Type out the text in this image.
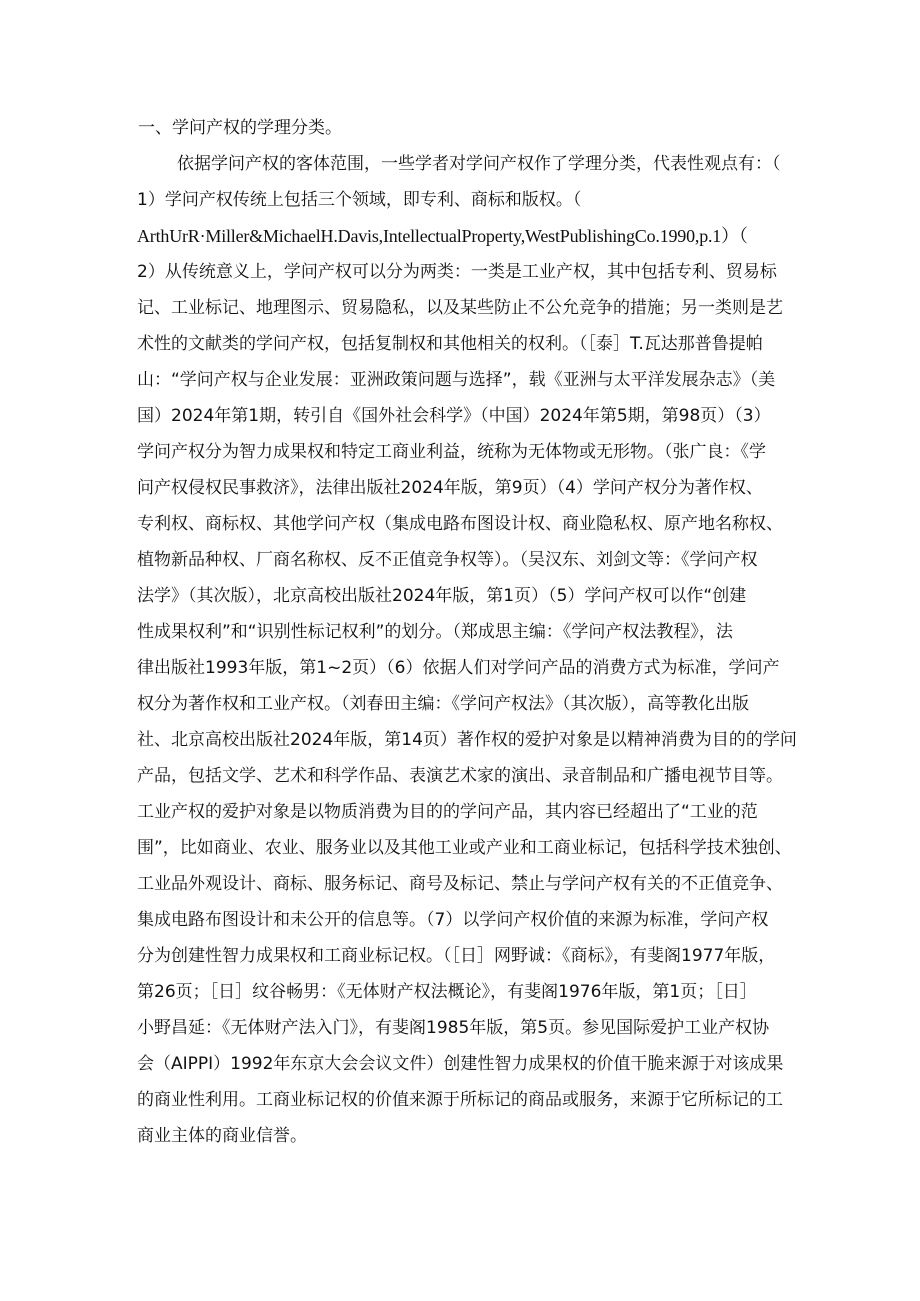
一、学问产权的学理分类。
依据学问产权的客体范围，一些学者对学问产权作了学理分类，代表性观点有：（
1）学问产权传统上包括三个领域，即专利、商标和版权。（
ArthUrR·Miller&MichaelH.Davis,IntellectualProperty,WestPublishingCo.1990,p.1）（
2）从传统意义上，学问产权可以分为两类：一类是工业产权，其中包括专利、贸易标
记、工业标记、地理图示、贸易隐私，以及某些防止不公允竞争的措施；另一类则是艺
术性的文献类的学问产权，包括复制权和其他相关的权利。（［泰］T.瓦达那普鲁提帕
山：“学问产权与企业发展：亚洲政策问题与选择”，载《亚洲与太平洋发展杂志》（美
国）2024年第1期，转引自《国外社会科学》（中国）2024年第5期，第98页）（3）
学问产权分为智力成果权和特定工商业利益，统称为无体物或无形物。（张广良：《学
问产权侵权民事救济》，法律出版社2024年版，第9页）（4）学问产权分为著作权、
专利权、商标权、其他学问产权（集成电路布图设计权、商业隐私权、原产地名称权、
植物新品种权、厂商名称权、反不正值竞争权等）。（吴汉东、刘剑文等：《学问产权
法学》（其次版），北京高校出版社2024年版，第1页）（5）学问产权可以作“创建
性成果权利”和“识别性标记权利”的划分。（郑成思主编：《学问产权法教程》，法
律出版社1993年版，第1~2页）（6）依据人们对学问产品的消费方式为标准，学问产
权分为著作权和工业产权。（刘春田主编：《学问产权法》（其次版），高等教化出版
社、北京高校出版社2024年版，第14页）著作权的爱护对象是以精神消费为目的的学问
产品，包括文学、艺术和科学作品、表演艺术家的演出、录音制品和广播电视节目等。
工业产权的爱护对象是以物质消费为目的的学问产品，其内容已经超出了“工业的范
围”，比如商业、农业、服务业以及其他工业或产业和工商业标记，包括科学技术独创、
工业品外观设计、商标、服务标记、商号及标记、禁止与学问产权有关的不正值竞争、
集成电路布图设计和未公开的信息等。（7）以学问产权价值的来源为标准，学问产权
分为创建性智力成果权和工商业标记权。（［日］网野诚：《商标》，有斐阁1977年版，
第26页；［日］纹谷畅男：《无体财产权法概论》，有斐阁1976年版，第1页；［日］
小野昌延：《无体财产法入门》，有斐阁1985年版，第5页。参见国际爱护工业产权协
会（AIPPI）1992年东京大会会议文件）创建性智力成果权的价值干脆来源于对该成果
的商业性利用。工商业标记权的价值来源于所标记的商品或服务，来源于它所标记的工
商业主体的商业信誉。
